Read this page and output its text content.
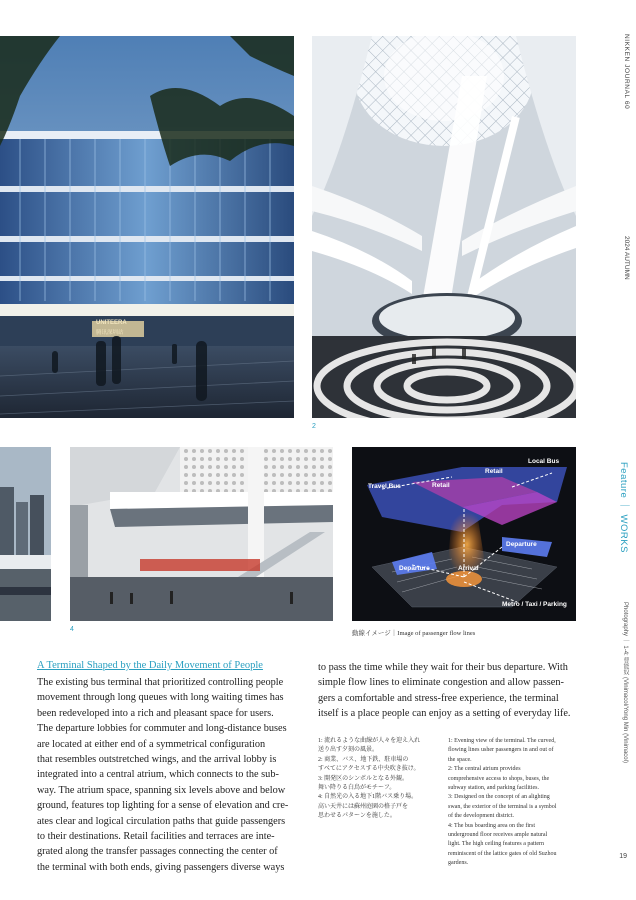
UNITEERA
腾讯深圳站
2
4
Local Bus
Travel Bus	Retail
Retail
Departure
Departure	Arrival
Metro / Taxi / Parking
動線イメージ｜Image of passenger flow lines
A Terminal Shaped by the Daily Movement of People
The existing bus terminal that prioritized controlling people
movement through long queues with long waiting times has
been redeveloped into a rich and pleasant space for users.
The departure lobbies for commuter and long-distance buses
are located at either end of a symmetrical configuration
that resembles outstretched wings, and the arrival lobby is
integrated into a central atrium, which connects to the sub-
way. The atrium space, spanning six levels above and below
ground, features top lighting for a sense of elevation and cre-
ates clear and logical circulation paths that guide passengers
to their destinations. Retail facilities and terraces are inte-
grated along the transfer passages connecting the center of
the terminal with both ends, giving passengers diverse ways
to pass the time while they wait for their bus departure. With
simple flow lines to eliminate congestion and allow passen-
gers a comfortable and stress-free experience, the terminal
itself is a place people can enjoy as a setting of everyday life.
1: 流れるような曲線が人々を迎え入れ
送り出す夕刻の風景。
2: 商業、バス、地下鉄、駐車場の
すべてにアクセスする中央吹き抜け。
3: 開発区のシンボルとなる外観。
舞い降りる白鳥がモチーフ。
4: 自然光の入る地下1階バス乗り場。
高い天井には蘇州庭園の格子戸を
思わせるパターンを施した。
1: Evening view of the terminal. The curved,
flowing lines usher passengers in and out of
the space.
2: The central atrium provides
comprehensive access to shops, buses, the
subway station, and parking facilities.
3: Designed on the concept of an alighting
swan, the exterior of the terminal is a symbol
of the development district.
4: The bus boarding area on the first
underground floor receives ample natural
light. The high ceiling features a pattern
reminiscent of the lattice gates of old Suzhou
gardens.
NIKKEN JOURNAL 60
2024 AUTUMN
Feature ｜ WORKS
Photography ｜ 1-4: 曹能奴 (Vinimacol/Yong Min (Vinimacol)
19
